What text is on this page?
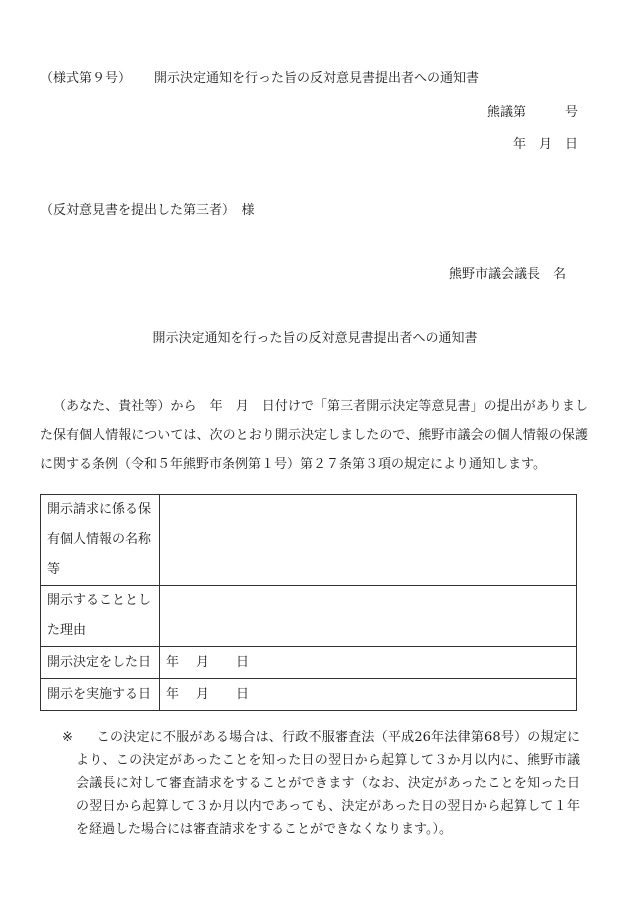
（様式第９号） 開示決定通知を行った旨の反対意見書提出者への通知書
熊議第　　　号
年　月　日
（反対意見書を提出した第三者）　様
熊野市議会議長　名
開示決定通知を行った旨の反対意見書提出者への通知書

（あなた、貴社等）から　年　月　日付けで「第三者開示決定等意見書」の提出がありました保有個人情報については、次のとおり開示決定しましたので、熊野市議会の個人情報の保護に関する条例（令和５年熊野市条例第１号）第２７条第３項の規定により通知します。

開示請求に係る保有個人情報の名称等	
開示することとした理由	
開示決定をした日	年 月 日
開示を実施する日	年 月 日
※	この決定に不服がある場合は、行政不服審査法（平成26年法律第68号）の規定により、この決定があったことを知った日の翌日から起算して３か月以内に、熊野市議会議長に対して審査請求をすることができます（なお、決定があったことを知った日の翌日から起算して３か月以内であっても、決定があった日の翌日から起算して１年を経過した場合には審査請求をすることができなくなります。）。
